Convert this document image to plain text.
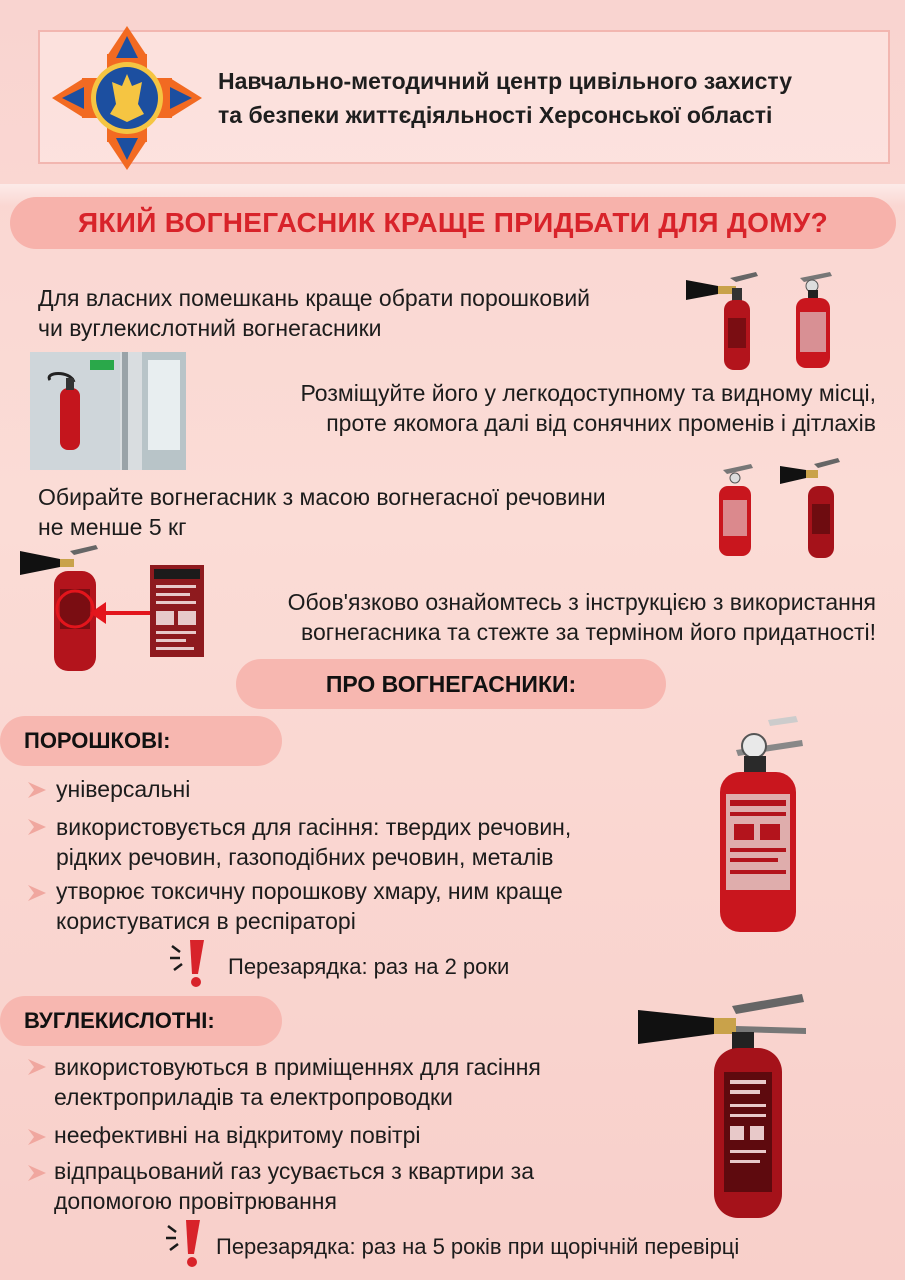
Навчально-методичний центр цивільного захисту
та безпеки життєдіяльності Херсонської області
ЯКИЙ ВОГНЕГАСНИК КРАЩЕ ПРИДБАТИ ДЛЯ ДОМУ?
Для власних помешкань краще обрати порошковий
чи вуглекислотний вогнегасники
Розміщуйте його у легкодоступному та видному місці,
проте якомога далі від сонячних променів і дітлахів
Обирайте вогнегасник з масою вогнегасної речовини
не менше 5 кг
Обов'язково ознайомтесь з інструкцією з використання
вогнегасника та стежте за терміном його придатності!
ПРО ВОГНЕГАСНИКИ:
ПОРОШКОВІ:
універсальні
використовується для гасіння: твердих речовин,
рідких речовин, газоподібних речовин, металів
утворює токсичну порошкову хмару, ним краще
користуватися в респіраторі
Перезарядка: раз на 2 роки
ВУГЛЕКИСЛОТНІ:
використовуються в приміщеннях для гасіння
електроприладів та електропроводки
неефективні на відкритому повітрі
відпрацьований газ усувається з квартири за
допомогою провітрювання
Перезарядка: раз на 5 років при щорічній перевірці
